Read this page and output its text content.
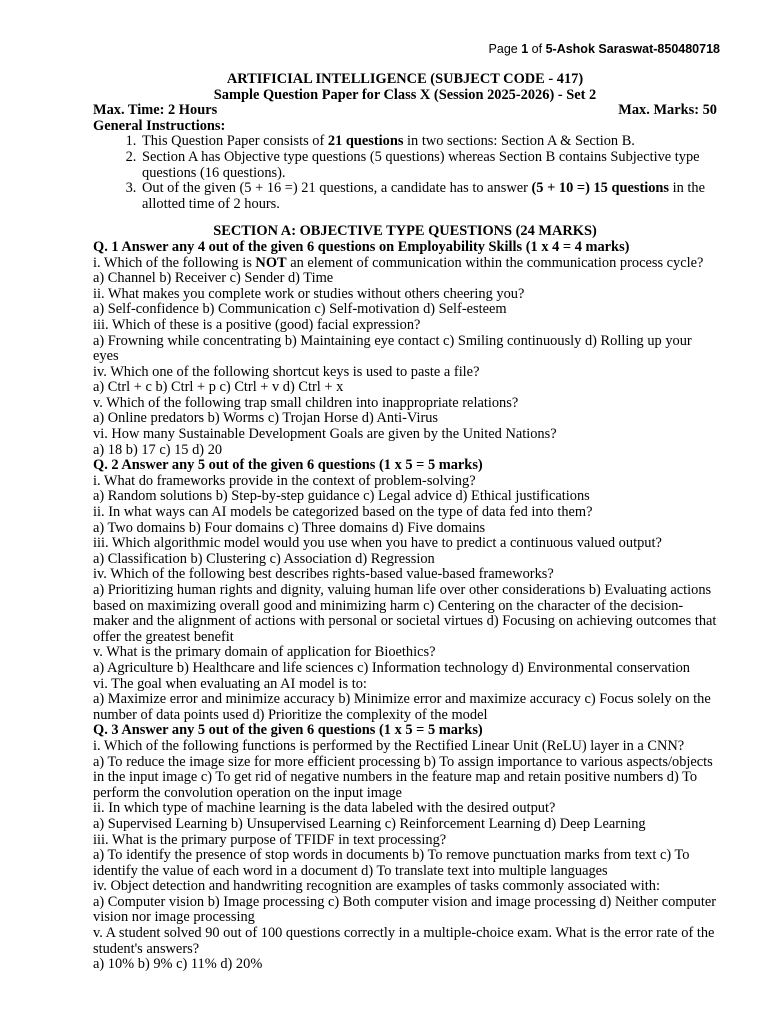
Page 1 of 5-Ashok Saraswat-850480718
ARTIFICIAL INTELLIGENCE (SUBJECT CODE - 417)
Sample Question Paper for Class X (Session 2025-2026) - Set 2
Max. Time: 2 Hours	Max. Marks: 50
General Instructions:
1. This Question Paper consists of 21 questions in two sections: Section A & Section B.
2. Section A has Objective type questions (5 questions) whereas Section B contains Subjective type questions (16 questions).
3. Out of the given (5 + 16 =) 21 questions, a candidate has to answer (5 + 10 =) 15 questions in the allotted time of 2 hours.
SECTION A: OBJECTIVE TYPE QUESTIONS (24 MARKS)
Q. 1 Answer any 4 out of the given 6 questions on Employability Skills (1 x 4 = 4 marks)

i. Which of the following is NOT an element of communication within the communication process cycle?

a) Channel b) Receiver c) Sender d) Time

ii. What makes you complete work or studies without others cheering you?

a) Self-confidence b) Communication c) Self-motivation d) Self-esteem

iii. Which of these is a positive (good) facial expression?

a) Frowning while concentrating b) Maintaining eye contact c) Smiling continuously d) Rolling up your eyes

iv. Which one of the following shortcut keys is used to paste a file?

a) Ctrl + c b) Ctrl + p c) Ctrl + v d) Ctrl + x

v. Which of the following trap small children into inappropriate relations?

a) Online predators b) Worms c) Trojan Horse d) Anti-Virus

vi. How many Sustainable Development Goals are given by the United Nations?

a) 18 b) 17 c) 15 d) 20

Q. 2 Answer any 5 out of the given 6 questions (1 x 5 = 5 marks)

i. What do frameworks provide in the context of problem-solving?

a) Random solutions b) Step-by-step guidance c) Legal advice d) Ethical justifications

ii. In what ways can AI models be categorized based on the type of data fed into them?

a) Two domains b) Four domains c) Three domains d) Five domains

iii. Which algorithmic model would you use when you have to predict a continuous valued output?

a) Classification b) Clustering c) Association d) Regression

iv. Which of the following best describes rights-based value-based frameworks?

a) Prioritizing human rights and dignity, valuing human life over other considerations b) Evaluating actions based on maximizing overall good and minimizing harm c) Centering on the character of the decision-maker and the alignment of actions with personal or societal virtues d) Focusing on achieving outcomes that offer the greatest benefit

v. What is the primary domain of application for Bioethics?

a) Agriculture b) Healthcare and life sciences c) Information technology d) Environmental conservation

vi. The goal when evaluating an AI model is to:

a) Maximize error and minimize accuracy b) Minimize error and maximize accuracy c) Focus solely on the number of data points used d) Prioritize the complexity of the model

Q. 3 Answer any 5 out of the given 6 questions (1 x 5 = 5 marks)

i. Which of the following functions is performed by the Rectified Linear Unit (ReLU) layer in a CNN?

a) To reduce the image size for more efficient processing b) To assign importance to various aspects/objects in the input image c) To get rid of negative numbers in the feature map and retain positive numbers d) To perform the convolution operation on the input image

ii. In which type of machine learning is the data labeled with the desired output?

a) Supervised Learning b) Unsupervised Learning c) Reinforcement Learning d) Deep Learning

iii. What is the primary purpose of TFIDF in text processing?

a) To identify the presence of stop words in documents b) To remove punctuation marks from text c) To identify the value of each word in a document d) To translate text into multiple languages

iv. Object detection and handwriting recognition are examples of tasks commonly associated with:

a) Computer vision b) Image processing c) Both computer vision and image processing d) Neither computer vision nor image processing

v. A student solved 90 out of 100 questions correctly in a multiple-choice exam. What is the error rate of the student's answers?

a) 10% b) 9% c) 11% d) 20%
